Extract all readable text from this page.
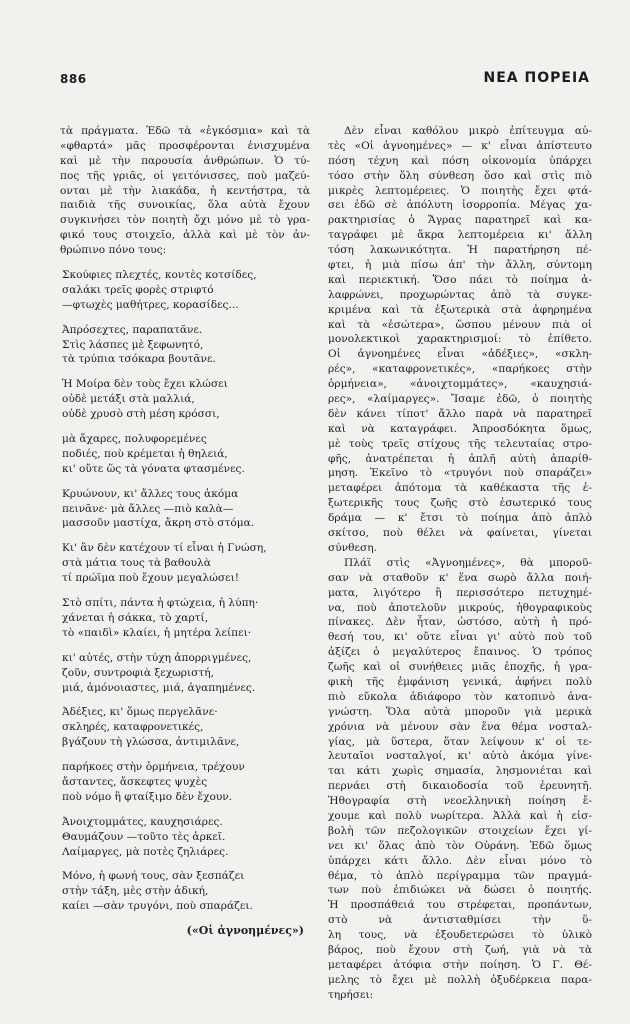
886	ΝΕΑ ΠΟΡΕΙΑ
τὰ πράγματα. Ἐδῶ τὰ «ἐγκόσμια» καὶ τὰ
«φθαρτά» μᾶς προσφέρονται ἐνισχυμένα
καὶ μὲ τὴν παρουσία ἀνθρώπων. Ὁ τύ-
πος τῆς γριᾶς, οἱ γειτόνισσες, ποὺ μαζεύ-
ονται μὲ τὴν λιακάδα, ἡ κεντήστρα, τὰ
παιδιὰ τῆς συνοικίας, ὅλα αὐτὰ ἔχουν
συγκινήσει τὸν ποιητὴ ὄχι μόνο μὲ τὸ γρα-
φικό τους στοιχεῖο, ἀλλὰ καὶ μὲ τὸν ἀν-
θρώπινο πόνο τους:
Σκούφιες πλεχτές, κοντὲς κοτσίδες,
σαλάκι τρεῖς φορὲς στριφτό
—φτωχὲς μαθήτρες, κορασίδες...
Ἀπρόσεχτες, παραπατᾶνε.
Στὶς λάσπες μὲ ξεφωνητό,
τὰ τρύπια τσόκαρα βουτᾶνε.
Ἡ Μοίρα δὲν τοὺς ἔχει κλώσει
οὐδὲ μετάξι στὰ μαλλιά,
οὐδὲ χρυσὸ στὴ μέση κρόσσι,
μὰ ἄχαρες, πολυφορεμένες
ποδιές, ποὺ κρέμεται ἡ θηλειά,
κι' οὔτε ὥς τὰ γόνατα φτασμένες.
Κρυώνουν, κι' ἄλλες τους ἀκόμα
πεινᾶνε· μὰ ἄλλες —πιὸ καλὰ—
μασσοῦν μαστίχα, ἄκρη στὸ στόμα.
Κι' ἂν δὲν κατέχουν τί εἶναι ἡ Γνώση,
στὰ μάτια τους τὰ βαθουλὰ
τί πρώϊμα ποὺ ἔχουν μεγαλώσει!
Στὸ σπίτι, πάντα ἡ φτώχεια, ἡ λύπη·
χάνεται ἡ σάκκα, τὸ χαρτί,
τὸ «παιδὶ» κλαίει, ἡ μητέρα λείπει·
κι' αὐτές, στὴν τύχη ἀπορριγμένες,
ζοῦν, συντροφιὰ ξεχωριστή,
μιά, ἀμόνοιαστες, μιά, ἀγαπημένες.
Ἀδέξιες, κι' ὅμως περγελᾶνε·
σκληρές, καταφρονετικές,
βγάζουν τὴ γλώσσα, ἀντιμιλᾶνε,
παρήκοες στὴν ὁρμήνεια, τρέχουν
ἄσταντες, ἄσκεφτες ψυχὲς
ποὺ νόμο ἢ φταίξιμο δὲν ἔχουν.
Ἀνοιχτομμάτες, καυχησιάρες.
Θαυμάζουν —τοῦτο τὲς ἀρκεῖ.
Λαίμαργες, μὰ ποτὲς ζηλιάρες.
Μόνο, ἡ φωνή τους, σὰν ξεσπάζει
στὴν τάξη, μὲς στὴν ἀδική,
καίει —σὰν τρυγόνι, ποὺ σπαράζει.
(«Οἱ ἀγνοημένες»)
Δὲν εἶναι καθόλου μικρὸ ἐπίτευγμα αὐ-
τὲς «Οἱ ἀγνοημένες» — κ' εἶναι ἀπίστευτο
πόση τέχνη καὶ πόση οἰκονομία ὑπάρχει
τόσο στὴν ὅλη σύνθεση ὅσο καὶ στὶς πιὸ
μικρὲς λεπτομέρειες. Ὁ ποιητὴς ἔχει φτά-
σει ἐδῶ σὲ ἀπόλυτη ἰσορροπία. Μέγας χα-
ρακτηρισίας ὁ Ἄγρας παρατηρεῖ καὶ κα-
ταγράφει μὲ ἄκρα λεπτομέρεια κι' ἄλλη
τόση λακωνικότητα. Ἡ παρατήρηση πέ-
φτει, ἡ μιὰ πίσω ἀπ' τὴν ἄλλη, σύντομη
καὶ περιεκτική. Ὅσο πάει τὸ ποίημα ἀ-
λαφρώνει, προχωρώντας ἀπὸ τὰ συγκε-
κριμένα καὶ τὰ ἐξωτερικὰ στὰ ἀφηρημένα
καὶ τὰ «ἐσώτερα», ὥσπου μένουν πιὰ οἱ
μονολεκτικοὶ χαρακτηρισμοί: τὸ ἐπίθετο.
Οἱ ἀγνοημένες εἶναι «ἀδέξιες», «σκλη-
ρές», «καταφρονετικές», «παρήκοες στὴν
ὁρμήνεια», «ἀνοιχτομμάτες», «καυχησιά-
ρες», «λαίμαργες». Ἴσαμε ἐδῶ, ὁ ποιητὴς
δὲν κάνει τίποτ' ἄλλο παρὰ νὰ παρατηρεῖ
καὶ νὰ καταγράφει. Ἀπροσδόκητα ὅμως,
μὲ τοὺς τρεῖς στίχους τῆς τελευταίας στρο-
φῆς, ἀνατρέπεται ἡ ἁπλῆ αὐτὴ ἀπαρίθ-
μηση. Ἐκεῖνο τὸ «τρυγόνι ποὺ σπαράζει»
μεταφέρει ἀπότομα τὰ καθέκαστα τῆς ἐ-
ξωτερικῆς τους ζωῆς στὸ ἐσωτερικό τους
δράμα — κ' ἔτσι τὸ ποίημα ἀπὸ ἁπλὸ
σκίτσο, ποὺ θέλει νὰ φαίνεται, γίνεται
σύνθεση.
Πλάϊ στὶς «Ἀγνοημένες», θὰ μποροῦ-
σαν νὰ σταθοῦν κ' ἕνα σωρὸ ἄλλα ποιή-
ματα, λιγότερο ἢ περισσότερο πετυχημέ-
να, ποὺ ἀποτελοῦν μικρούς, ἠθογραφικοὺς
πίνακες. Δὲν ἦταν, ὡστόσο, αὐτὴ ἡ πρό-
θεσή του, κι' οὔτε εἶναι γι' αὐτὸ ποὺ τοῦ
ἀξίζει ὁ μεγαλύτερος ἔπαινος. Ὁ τρόπος
ζωῆς καὶ οἱ συνήθειες μιᾶς ἐποχῆς, ἡ γρα-
φικὴ τῆς ἐμφάνιση γενικά, ἀφήνει πολὺ
πιὸ εὔκολα ἀδιάφορο τὸν κατοπινὸ ἀνα-
γνώστη. Ὅλα αὐτὰ μποροῦν γιὰ μερικὰ
χρόνια νὰ μένουν σὰν ἕνα θέμα νοσταλ-
γίας, μὰ ὕστερα, ὅταν λείψουν κ' οἱ τε-
λευταῖοι νοσταλγοί, κι' αὐτὸ ἀκόμα γίνε-
ται κάτι χωρὶς σημασία, λησμονιέται καὶ
περνάει στὴ δικαιοδοσία τοῦ ἐρευνητῆ.
Ἠθογραφία στὴ νεοελληνικὴ ποίηση ἔ-
χουμε καὶ πολὺ νωρίτερα. Ἀλλὰ καὶ ἡ εἰσ-
βολὴ τῶν πεζολογικῶν στοιχείων ἔχει γί-
νει κι' ὅλας ἀπὸ τὸν Οὐράνη. Ἐδῶ ὅμως
ὑπάρχει κάτι ἄλλο. Δὲν εἶναι μόνο τὸ
θέμα, τὸ ἁπλὸ περίγραμμα τῶν πραγμά-
των ποὺ ἐπιδιώκει νὰ δώσει ὁ ποιητής.
Ἡ προσπάθειά του στρέφεται, προπάντων,
στὸ νὰ ἀντισταθμίσει τὴν ὕ-
λη τους, νὰ ἐξουδετερώσει τὸ ὑλικὸ
βάρος, ποὺ ἔχουν στὴ ζωή, γιὰ νὰ τὰ
μεταφέρει ἀτόφια στὴν ποίηση. Ὁ Γ. Θέ-
μελης τὸ ἔχει μὲ πολλὴ ὀξυδέρκεια παρα-
τηρήσει:
